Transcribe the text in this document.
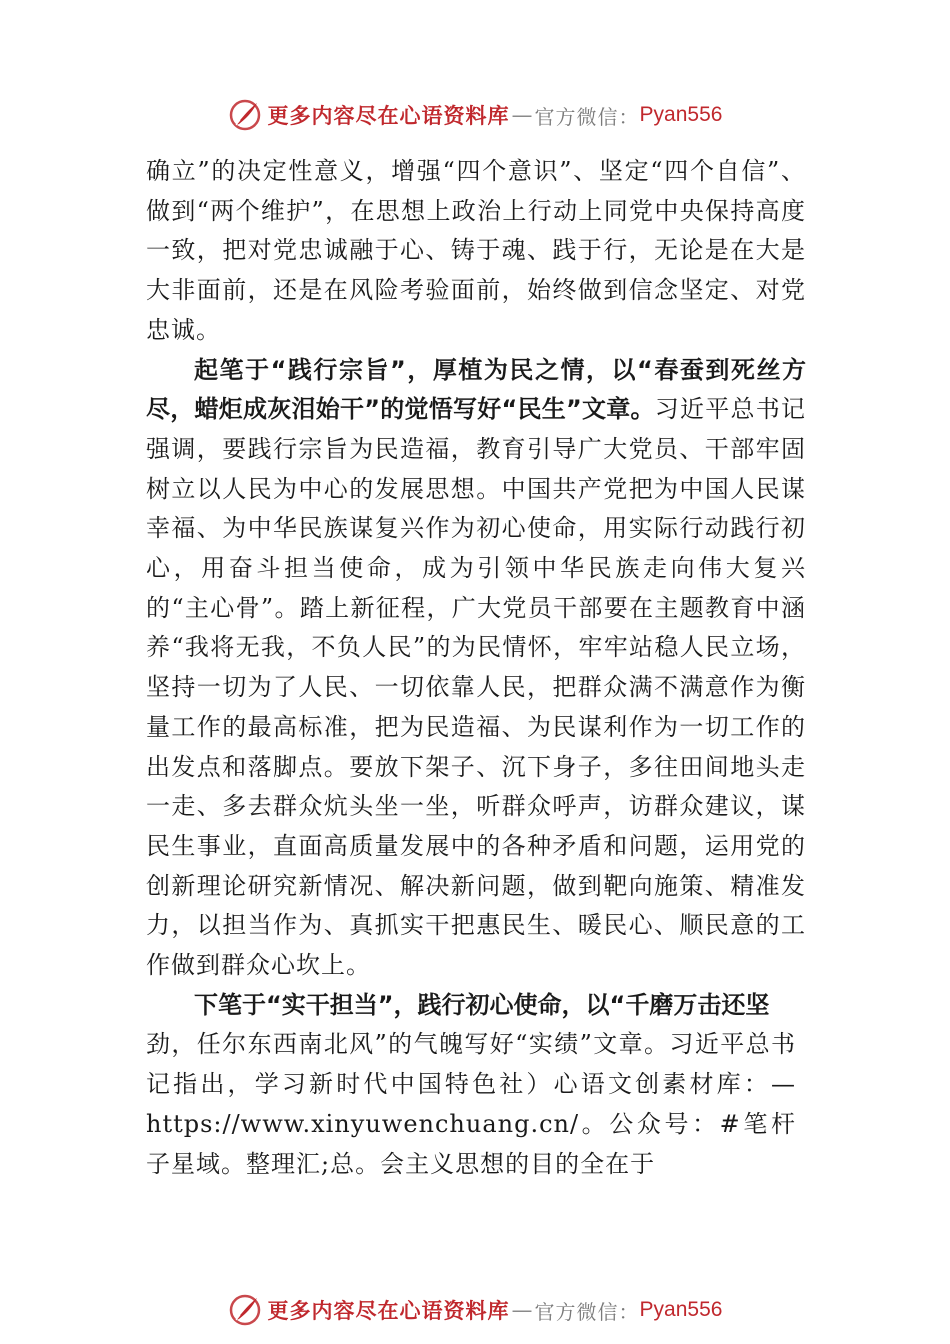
更多内容尽在心语资料库 — 官方微信： Pyan556

确立”的决定性意义，增强“四个意识”、坚定“四个自信”、做到“两个维护”，在思想上政治上行动上同党中央保持高度一致，把对党忠诚融于心、铸于魂、践于行，无论是在大是大非面前，还是在风险考验面前，始终做到信念坚定、对党忠诚。

起笔于“践行宗旨”，厚植为民之情，以“春蚕到死丝方尽，蜡炬成灰泪始干”的觉悟写好“民生”文章。习近平总书记强调，要践行宗旨为民造福，教育引导广大党员、干部牢固树立以人民为中心的发展思想。中国共产党把为中国人民谋幸福、为中华民族谋复兴作为初心使命，用实际行动践行初心，用奋斗担当使命，成为引领中华民族走向伟大复兴的“主心骨”。踏上新征程，广大党员干部要在主题教育中涵养“我将无我，不负人民”的为民情怀，牢牢站稳人民立场，坚持一切为了人民、一切依靠人民，把群众满不满意作为衡量工作的最高标准，把为民造福、为民谋利作为一切工作的出发点和落脚点。要放下架子、沉下身子，多往田间地头走一走、多去群众炕头坐一坐，听群众呼声，访群众建议，谋民生事业，直面高质量发展中的各种矛盾和问题，运用党的创新理论研究新情况、解决新问题，做到靶向施策、精准发力，以担当作为、真抓实干把惠民生、暖民心、顺民意的工作做到群众心坎上。

下笔于“实干担当”，践行初心使命，以“千磨万击还坚
劲，任尔东西南北风”的气魄写好“实绩”文章。习近平总书记指出，学习新时代中国特色社）心语文创素材库：—https://www.xinyuwenchuang.cn/。公众号：#笔杆子星域。整理汇;总。会主义思想的目的全在于

更多内容尽在心语资料库 — 官方微信： Pyan556
